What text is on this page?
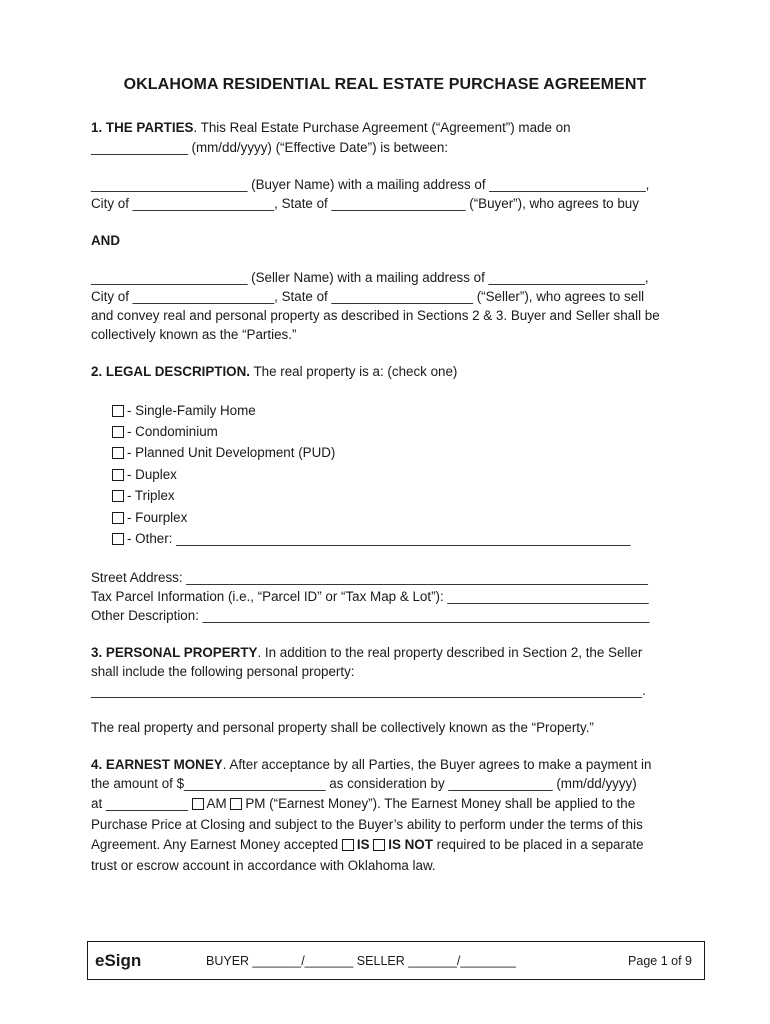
OKLAHOMA RESIDENTIAL REAL ESTATE PURCHASE AGREEMENT
1. THE PARTIES. This Real Estate Purchase Agreement (“Agreement”) made on
_____________ (mm/dd/yyyy) (“Effective Date”) is between:
_____________________ (Buyer Name) with a mailing address of _____________________,
City of ___________________, State of __________________ (“Buyer”), who agrees to buy
AND
_____________________ (Seller Name) with a mailing address of _____________________,
City of ___________________, State of ___________________ (“Seller”), who agrees to sell
and convey real and personal property as described in Sections 2 & 3. Buyer and Seller shall be
collectively known as the “Parties.”
2. LEGAL DESCRIPTION. The real property is a: (check one)
- Single-Family Home
- Condominium
- Planned Unit Development (PUD)
- Duplex
- Triplex
- Fourplex
- Other: _____________________________________________________________
Street Address: ______________________________________________________________
Tax Parcel Information (i.e., “Parcel ID” or “Tax Map & Lot”): ___________________________
Other Description: ____________________________________________________________
3. PERSONAL PROPERTY. In addition to the real property described in Section 2, the Seller
shall include the following personal property:
__________________________________________________________________________.
The real property and personal property shall be collectively known as the “Property.”
4. EARNEST MONEY. After acceptance by all Parties, the Buyer agrees to make a payment in
the amount of $___________________ as consideration by ______________ (mm/dd/yyyy)
at ___________ AM PM (“Earnest Money”). The Earnest Money shall be applied to the
Purchase Price at Closing and subject to the Buyer’s ability to perform under the terms of this
Agreement. Any Earnest Money accepted IS IS NOT required to be placed in a separate
trust or escrow account in accordance with Oklahoma law.
eSign	BUYER _______/_______ SELLER _______/________	Page 1 of 9
